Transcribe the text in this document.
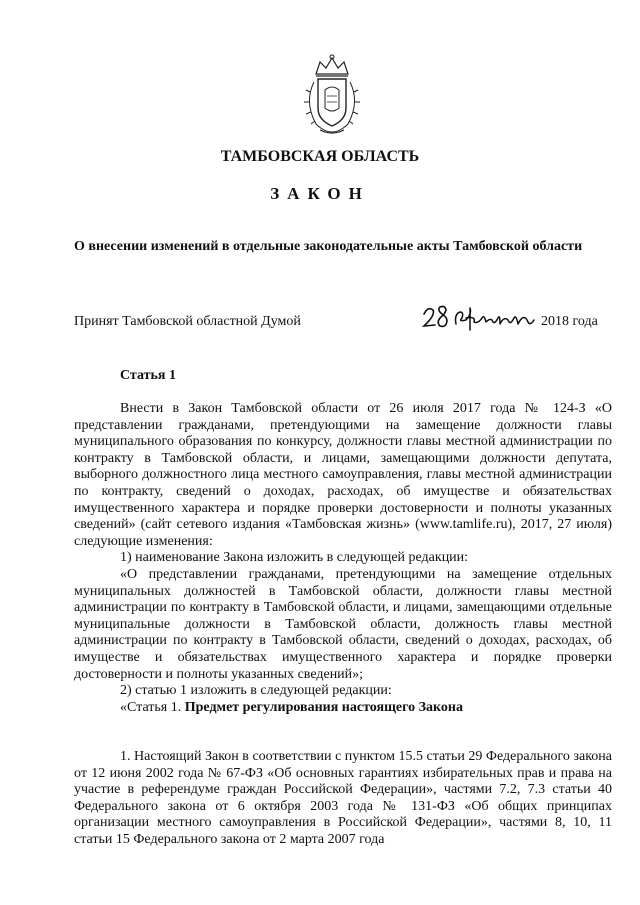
ТАМБОВСКАЯ ОБЛАСТЬ
ЗАКОН
О внесении изменений в отдельные законодательные акты Тамбовской области
Принят Тамбовской областной Думой	2018 года
Статья 1

Внести в Закон Тамбовской области от 26 июля 2017 года № 124-З «О представлении гражданами, претендующими на замещение должности главы муниципального образования по конкурсу, должности главы местной администрации по контракту в Тамбовской области, и лицами, замещающими должности депутата, выборного должностного лица местного самоуправления, главы местной администрации по контракту, сведений о доходах, расходах, об имуществе и обязательствах имущественного характера и порядке проверки достоверности и полноты указанных сведений» (сайт сетевого издания «Тамбовская жизнь» (www.tamlife.ru), 2017, 27 июля) следующие изменения:

1) наименование Закона изложить в следующей редакции:

«О представлении гражданами, претендующими на замещение отдельных муниципальных должностей в Тамбовской области, должности главы местной администрации по контракту в Тамбовской области, и лицами, замещающими отдельные муниципальные должности в Тамбовской области, должность главы местной администрации по контракту в Тамбовской области, сведений о доходах, расходах, об имуществе и обязательствах имущественного характера и порядке проверки достоверности и полноты указанных сведений»;

2) статью 1 изложить в следующей редакции:

«Статья 1. Предмет регулирования настоящего Закона

1. Настоящий Закон в соответствии с пунктом 15.5 статьи 29 Федерального закона от 12 июня 2002 года № 67-ФЗ «Об основных гарантиях избирательных прав и права на участие в референдуме граждан Российской Федерации», частями 7.2, 7.3 статьи 40 Федерального закона от 6 октября 2003 года № 131-ФЗ «Об общих принципах организации местного самоуправления в Российской Федерации», частями 8, 10, 11 статьи 15 Федерального закона от 2 марта 2007 года
